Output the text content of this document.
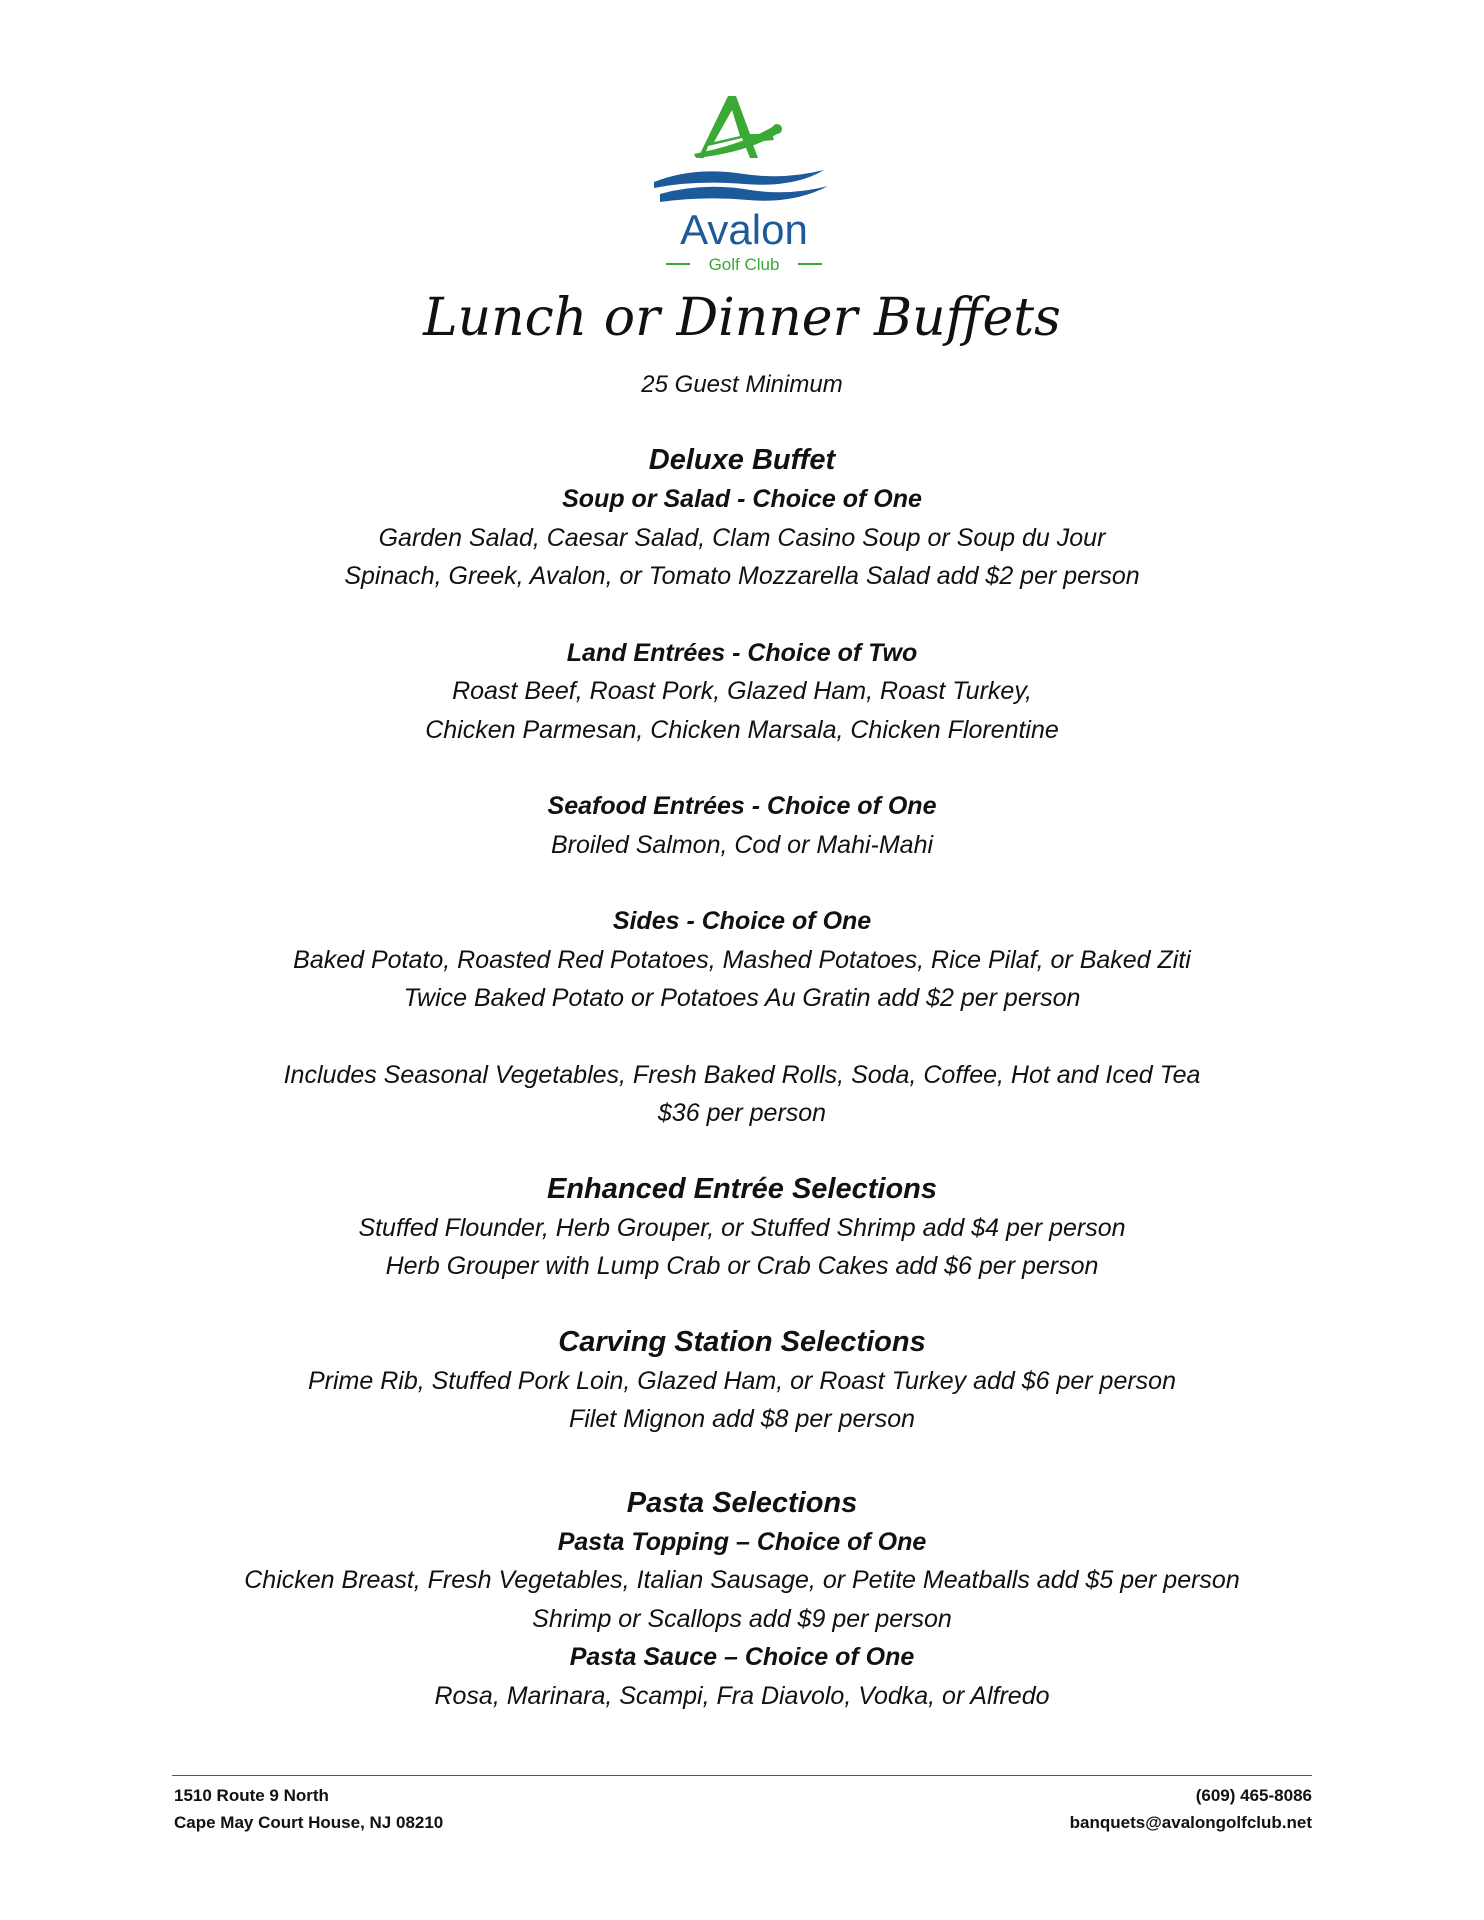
Avalon
Golf Club
Lunch or Dinner Buffets
25 Guest Minimum
Deluxe Buffet
Soup or Salad - Choice of One
Garden Salad, Caesar Salad, Clam Casino Soup or Soup du Jour
Spinach, Greek, Avalon, or Tomato Mozzarella Salad add $2 per person
Land Entrées - Choice of Two
Roast Beef, Roast Pork, Glazed Ham, Roast Turkey,
Chicken Parmesan, Chicken Marsala, Chicken Florentine
Seafood Entrées - Choice of One
Broiled Salmon, Cod or Mahi-Mahi
Sides - Choice of One
Baked Potato, Roasted Red Potatoes, Mashed Potatoes, Rice Pilaf, or Baked Ziti
Twice Baked Potato or Potatoes Au Gratin add $2 per person
Includes Seasonal Vegetables, Fresh Baked Rolls, Soda, Coffee, Hot and Iced Tea
$36 per person
Enhanced Entrée Selections
Stuffed Flounder, Herb Grouper, or Stuffed Shrimp add $4 per person
Herb Grouper with Lump Crab or Crab Cakes add $6 per person
Carving Station Selections
Prime Rib, Stuffed Pork Loin, Glazed Ham, or Roast Turkey add $6 per person
Filet Mignon add $8 per person
Pasta Selections
Pasta Topping – Choice of One
Chicken Breast, Fresh Vegetables, Italian Sausage, or Petite Meatballs add $5 per person
Shrimp or Scallops add $9 per person
Pasta Sauce – Choice of One
Rosa, Marinara, Scampi, Fra Diavolo, Vodka, or Alfredo
1510 Route 9 North
Cape May Court House, NJ 08210
(609) 465-8086
banquets@avalongolfclub.net
